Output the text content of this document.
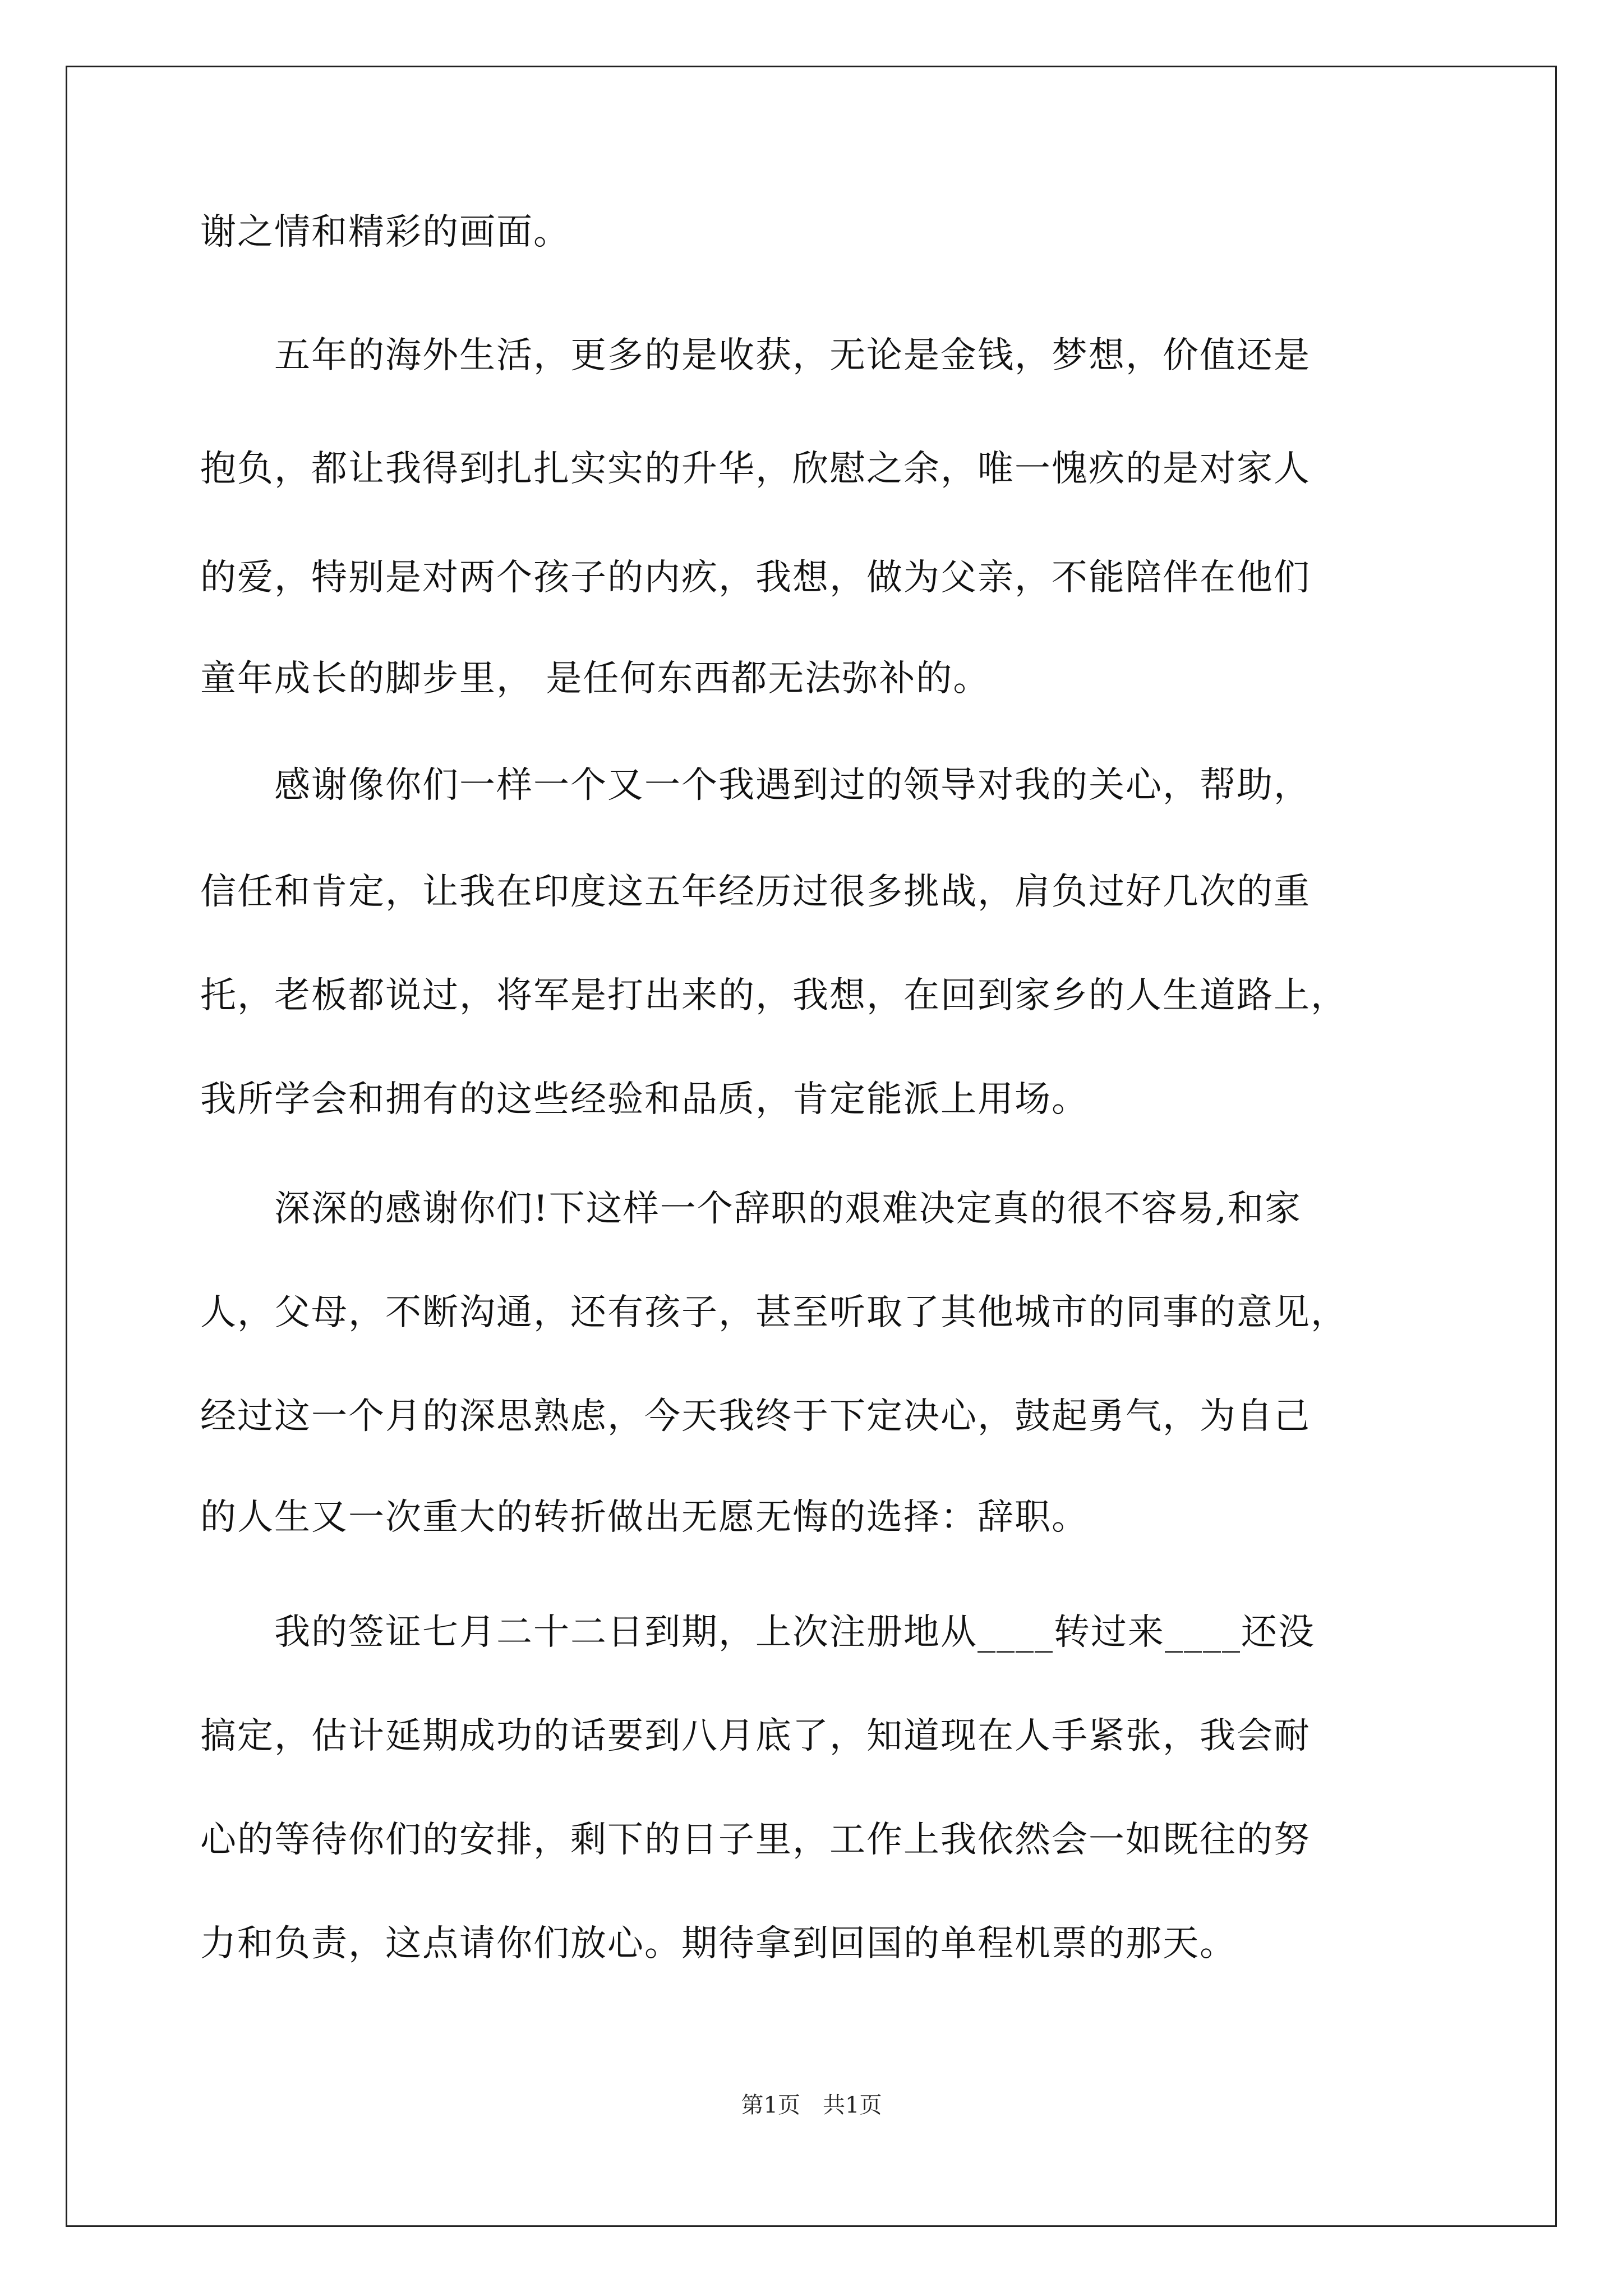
谢之情和精彩的画面。
　　五年的海外生活，更多的是收获，无论是金钱，梦想，价值还是
抱负，都让我得到扎扎实实的升华，欣慰之余，唯一愧疚的是对家人
的爱，特别是对两个孩子的内疚，我想，做为父亲，不能陪伴在他们
童年成长的脚步里， 是任何东西都无法弥补的。
　　感谢像你们一样一个又一个我遇到过的领导对我的关心，帮助，
信任和肯定，让我在印度这五年经历过很多挑战，肩负过好几次的重
托，老板都说过，将军是打出来的，我想，在回到家乡的人生道路上，
我所学会和拥有的这些经验和品质，肯定能派上用场。
　　深深的感谢你们!下这样一个辞职的艰难决定真的很不容易,和家
人，父母，不断沟通，还有孩子，甚至听取了其他城市的同事的意见，
经过这一个月的深思熟虑，今天我终于下定决心，鼓起勇气，为自己
的人生又一次重大的转折做出无愿无悔的选择：辞职。
　　我的签证七月二十二日到期，上次注册地从____转过来____还没
搞定，估计延期成功的话要到八月底了，知道现在人手紧张，我会耐
心的等待你们的安排，剩下的日子里，工作上我依然会一如既往的努
力和负责，这点请你们放心。期待拿到回国的单程机票的那天。
第1页　共1页
